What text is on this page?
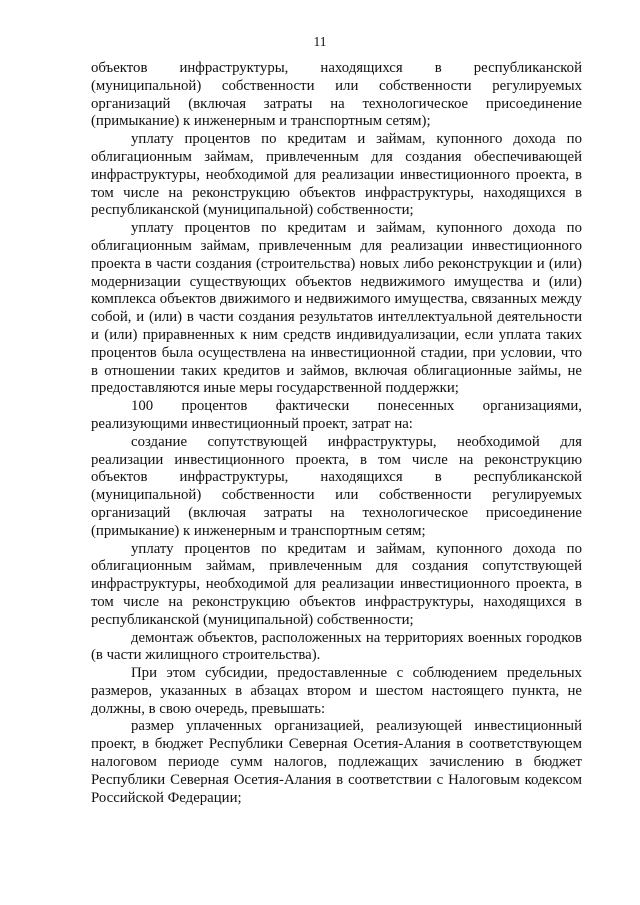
11

объектов инфраструктуры, находящихся в республиканской (муниципальной) собственности или собственности регулируемых организаций (включая затраты на технологическое присоединение (примыкание) к инженерным и транспортным сетям);

уплату процентов по кредитам и займам, купонного дохода по облигационным займам, привлеченным для создания обеспечивающей инфраструктуры, необходимой для реализации инвестиционного проекта, в том числе на реконструкцию объектов инфраструктуры, находящихся в республиканской (муниципальной) собственности;

уплату процентов по кредитам и займам, купонного дохода по облигационным займам, привлеченным для реализации инвестиционного проекта в части создания (строительства) новых либо реконструкции и (или) модернизации существующих объектов недвижимого имущества и (или) комплекса объектов движимого и недвижимого имущества, связанных между собой, и (или) в части создания результатов интеллектуальной деятельности и (или) приравненных к ним средств индивидуализации, если уплата таких процентов была осуществлена на инвестиционной стадии, при условии, что в отношении таких кредитов и займов, включая облигационные займы, не предоставляются иные меры государственной поддержки;

100 процентов фактически понесенных организациями, реализующими инвестиционный проект, затрат на:

создание сопутствующей инфраструктуры, необходимой для реализации инвестиционного проекта, в том числе на реконструкцию объектов инфраструктуры, находящихся в республиканской (муниципальной) собственности или собственности регулируемых организаций (включая затраты на технологическое присоединение (примыкание) к инженерным и транспортным сетям;

уплату процентов по кредитам и займам, купонного дохода по облигационным займам, привлеченным для создания сопутствующей инфраструктуры, необходимой для реализации инвестиционного проекта, в том числе на реконструкцию объектов инфраструктуры, находящихся в республиканской (муниципальной) собственности;

демонтаж объектов, расположенных на территориях военных городков (в части жилищного строительства).

При этом субсидии, предоставленные с соблюдением предельных размеров, указанных в абзацах втором и шестом настоящего пункта, не должны, в свою очередь, превышать:

размер уплаченных организацией, реализующей инвестиционный проект, в бюджет Республики Северная Осетия-Алания в соответствующем налоговом периоде сумм налогов, подлежащих зачислению в бюджет Республики Северная Осетия-Алания в соответствии с Налоговым кодексом Российской Федерации;
